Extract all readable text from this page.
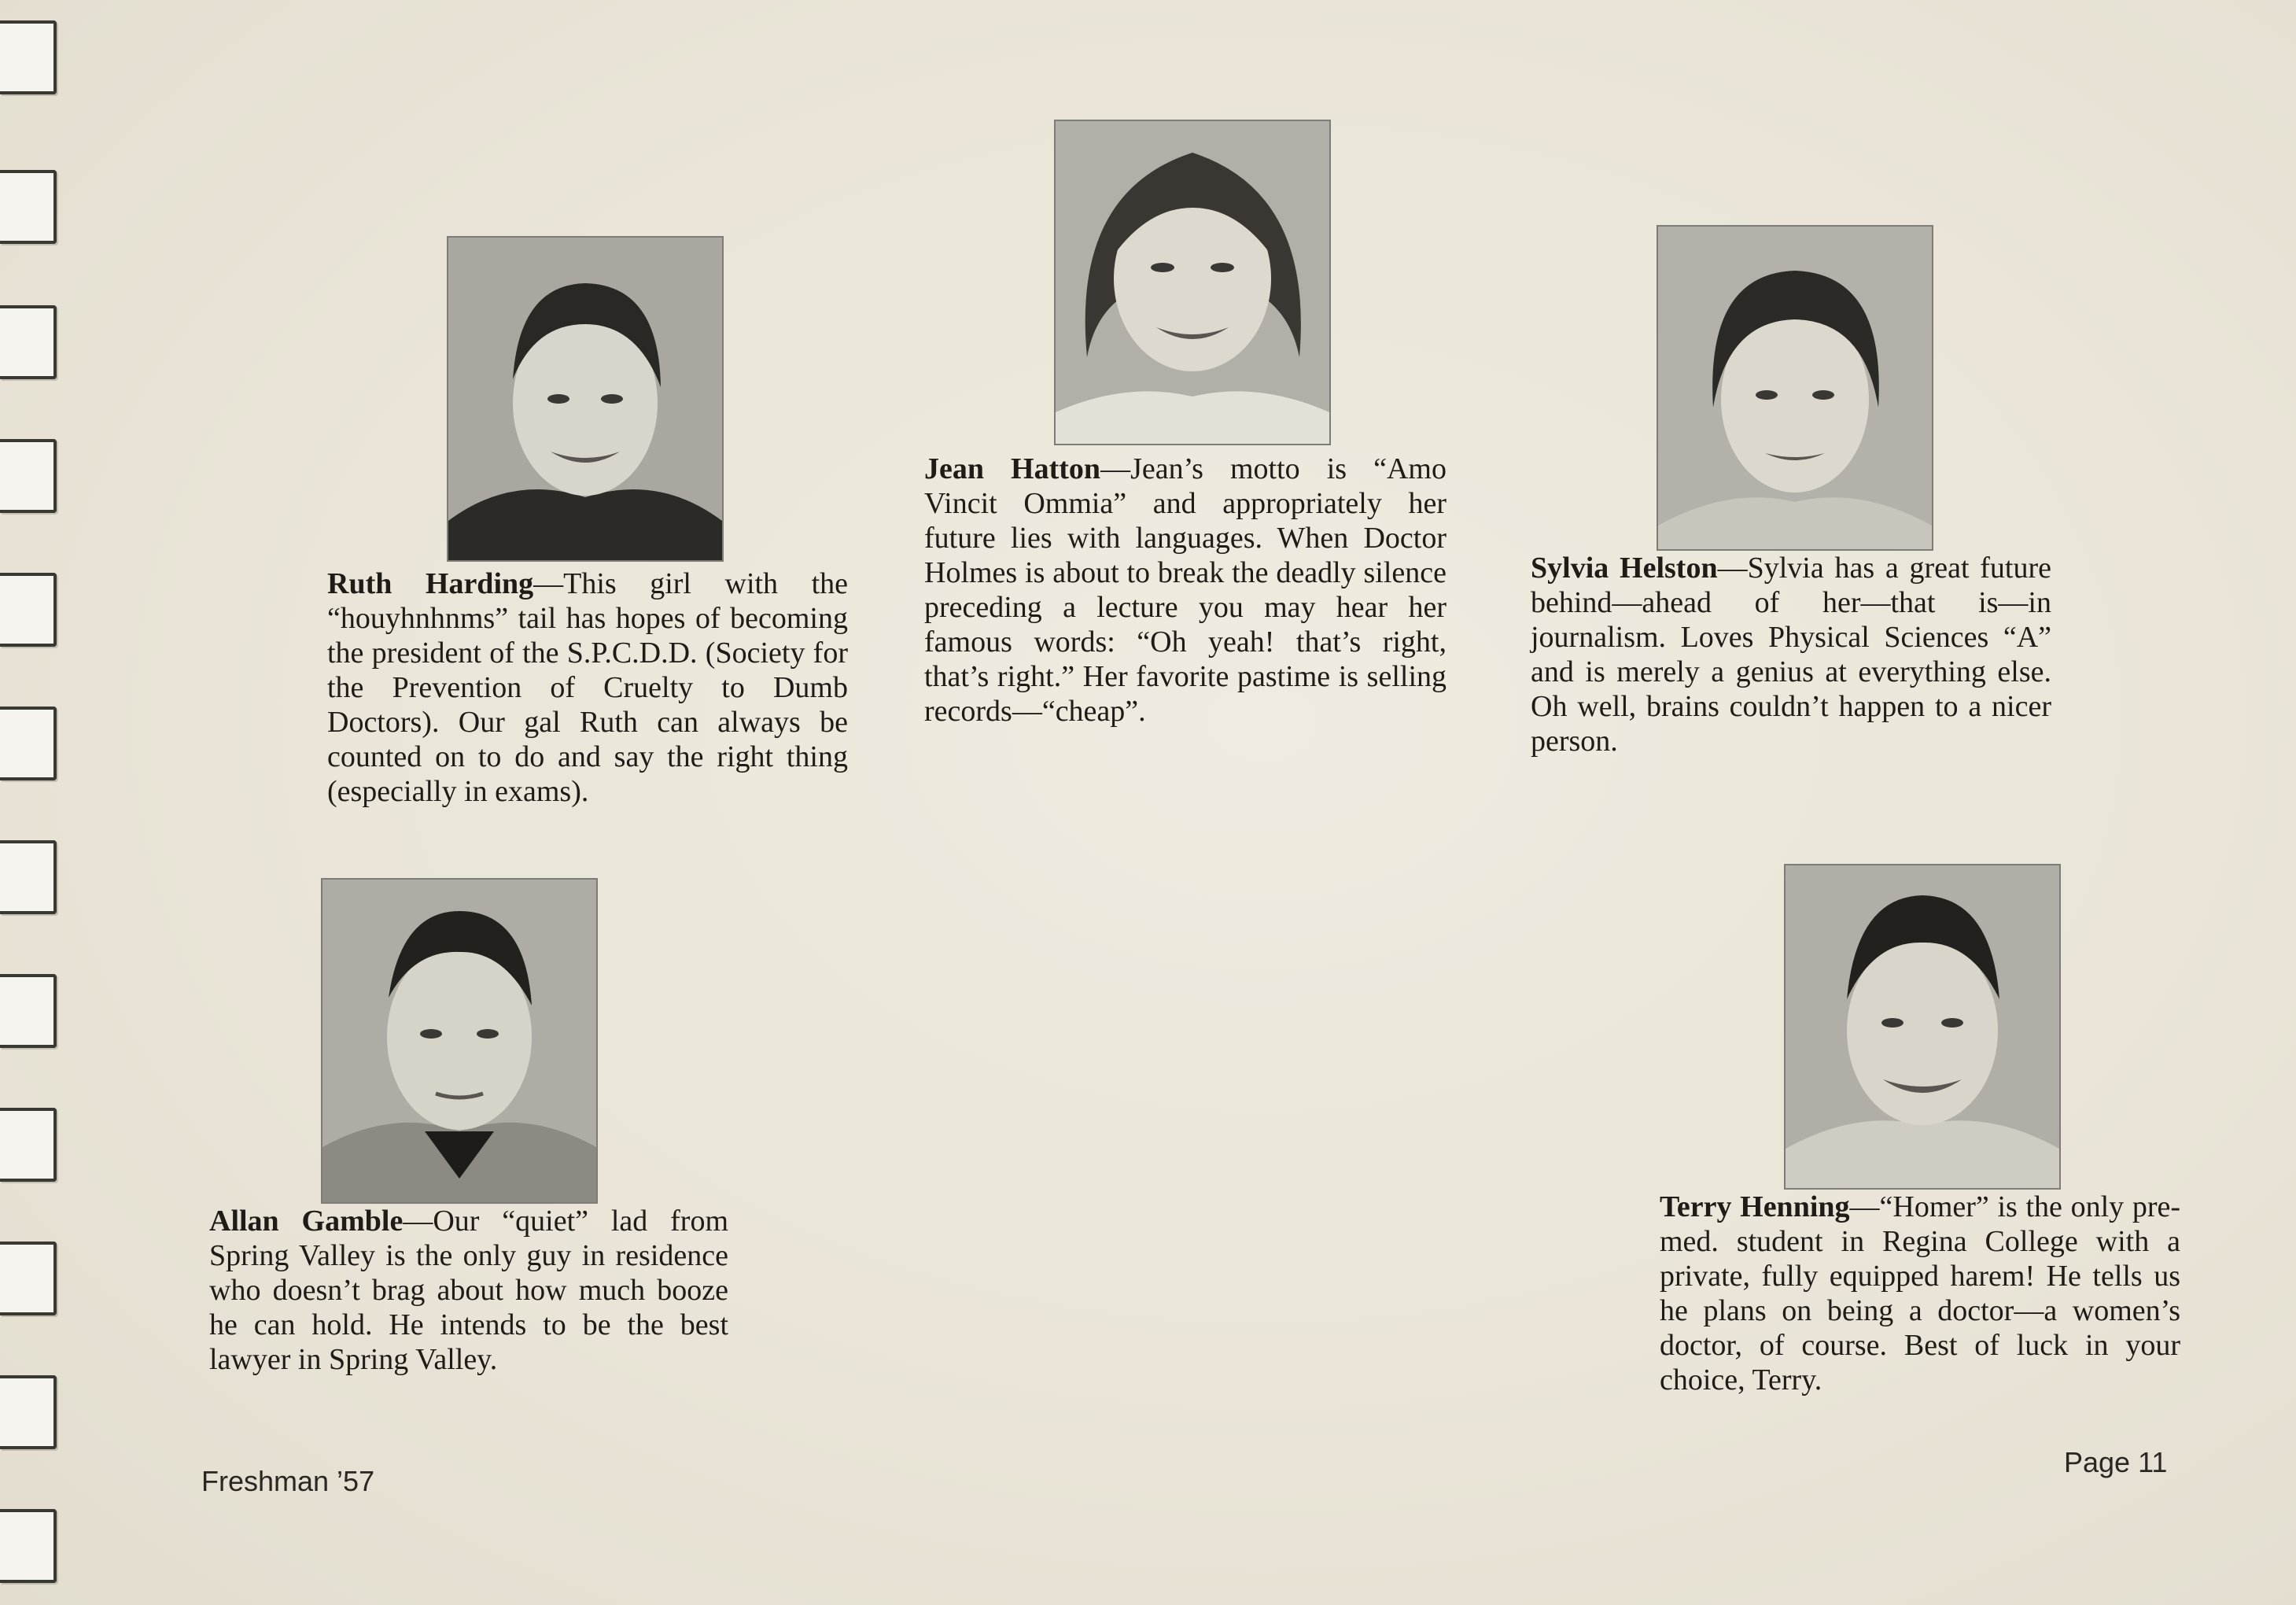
Ruth Harding—This girl with the “houyhnhnms” tail has hopes of becoming the president of the S.P.C.D.D. (Society for the Prevention of Cruelty to Dumb Doctors). Our gal Ruth can always be counted on to do and say the right thing (especially in exams).
Jean Hatton—Jean’s motto is “Amo Vincit Ommia” and appropriately her future lies with languages. When Doctor Holmes is about to break the deadly silence preceding a lecture you may hear her famous words: “Oh yeah! that’s right, that’s right.” Her favorite pastime is selling records—“cheap”.
Sylvia Helston—Sylvia has a great future behind—ahead of her—that is—in journalism. Loves Physical Sciences “A” and is merely a genius at everything else. Oh well, brains couldn’t happen to a nicer person.
Allan Gamble—Our “quiet” lad from Spring Valley is the only guy in residence who doesn’t brag about how much booze he can hold. He intends to be the best lawyer in Spring Valley.
Terry Henning—“Homer” is the only pre-med. student in Regina College with a private, fully equipped harem! He tells us he plans on being a doctor—a women’s doctor, of course. Best of luck in your choice, Terry.
Freshman ’57
Page 11
